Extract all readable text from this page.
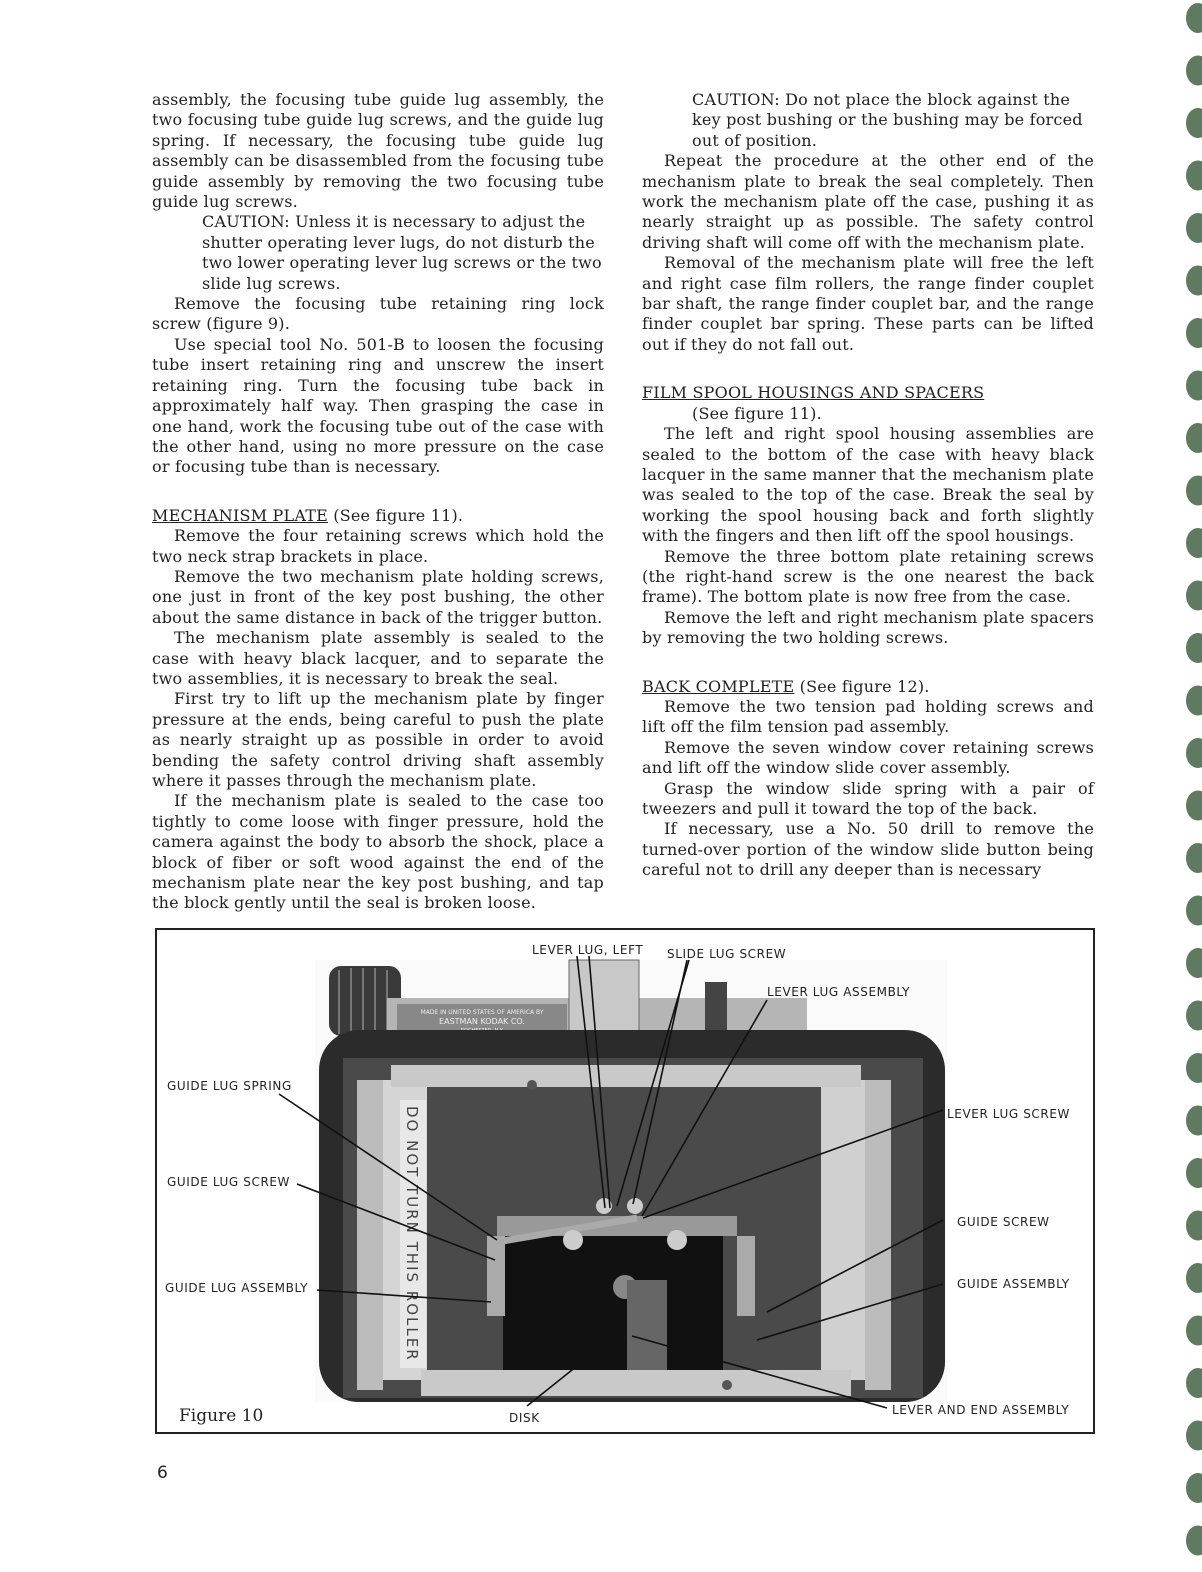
assembly, the focusing tube guide lug assembly, the two focusing tube guide lug screws, and the guide lug spring. If necessary, the focusing tube guide lug assembly can be disassembled from the focusing tube guide assembly by removing the two focusing tube guide lug screws.

CAUTION: Unless it is necessary to adjust the shutter operating lever lugs, do not disturb the two lower operating lever lug screws or the two slide lug screws.

Remove the focusing tube retaining ring lock screw (figure 9).

Use special tool No. 501-B to loosen the focusing tube insert retaining ring and unscrew the insert retaining ring. Turn the focusing tube back in approximately half way. Then grasping the case in one hand, work the focusing tube out of the case with the other hand, using no more pressure on the case or focusing tube than is necessary.

MECHANISM PLATE (See figure 11).

Remove the four retaining screws which hold the two neck strap brackets in place.

Remove the two mechanism plate holding screws, one just in front of the key post bushing, the other about the same distance in back of the trigger button.

The mechanism plate assembly is sealed to the case with heavy black lacquer, and to separate the two assemblies, it is necessary to break the seal.

First try to lift up the mechanism plate by finger pressure at the ends, being careful to push the plate as nearly straight up as possible in order to avoid bending the safety control driving shaft assembly where it passes through the mechanism plate.

If the mechanism plate is sealed to the case too tightly to come loose with finger pressure, hold the camera against the body to absorb the shock, place a block of fiber or soft wood against the end of the mechanism plate near the key post bushing, and tap the block gently until the seal is broken loose.

CAUTION: Do not place the block against the key post bushing or the bushing may be forced out of position.

Repeat the procedure at the other end of the mechanism plate to break the seal completely. Then work the mechanism plate off the case, pushing it as nearly straight up as possible. The safety control driving shaft will come off with the mechanism plate.

Removal of the mechanism plate will free the left and right case film rollers, the range finder couplet bar shaft, the range finder couplet bar, and the range finder couplet bar spring. These parts can be lifted out if they do not fall out.

FILM SPOOL HOUSINGS AND SPACERS

(See figure 11).

The left and right spool housing assemblies are sealed to the bottom of the case with heavy black lacquer in the same manner that the mechanism plate was sealed to the top of the case. Break the seal by working the spool housing back and forth slightly with the fingers and then lift off the spool housings.

Remove the three bottom plate retaining screws (the right-hand screw is the one nearest the back frame). The bottom plate is now free from the case.

Remove the left and right mechanism plate spacers by removing the two holding screws.

BACK COMPLETE (See figure 12).

Remove the two tension pad holding screws and lift off the film tension pad assembly.

Remove the seven window cover retaining screws and lift off the window slide cover assembly.

Grasp the window slide spring with a pair of tweezers and pull it toward the top of the back.

If necessary, use a No. 50 drill to remove the turned-over portion of the window slide button being careful not to drill any deeper than is necessary

MADE IN UNITED STATES OF AMERICA BY
EASTMAN KODAK CO.
DO NOT TURN THIS ROLLER
LEVER LUG, LEFT SLIDE LUG SCREW
LEVER LUG ASSEMBLY
GUIDE LUG SPRING
LEVER LUG SCREW
GUIDE LUG SCREW
GUIDE SCREW
GUIDE LUG ASSEMBLY	GUIDE ASSEMBLY
DISK
LEVER AND END ASSEMBLY
Figure 10
6
